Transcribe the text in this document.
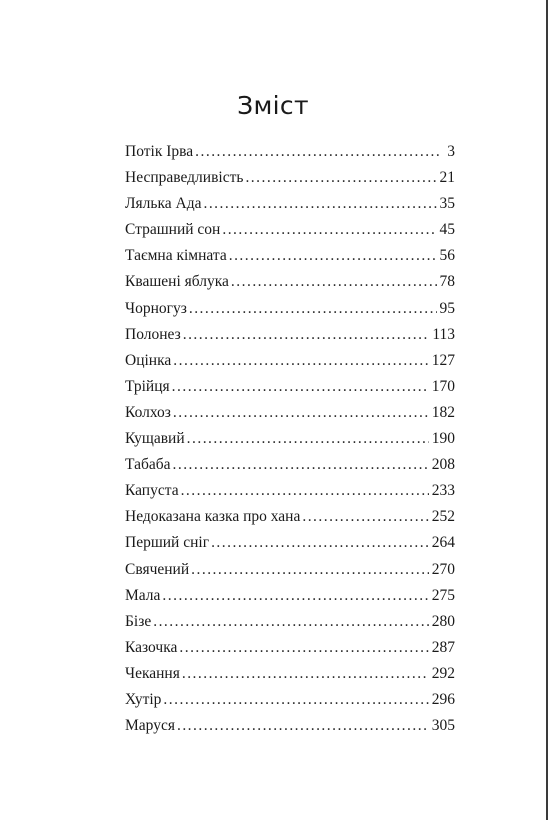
Зміст
Потік Ірва . . .	3
Несправедливість . . .	21
Лялька Ада . . .	35
Страшний сон . . .	45
Таємна кімната . . .	56
Квашені яблука . . .	78
Чорногуз . . .	95
Полонез . . .	113
Оцінка . . .	127
Трійця . . .	170
Колхоз . . .	182
Кущавий . . .	190
Табаба . . .	208
Капуста . . .	233
Недоказана казка про хана . . .	252
Перший сніг . . .	264
Свячений . . .	270
Мала . . .	275
Бізе . . .	280
Казочка . . .	287
Чекання . . .	292
Хутір . . .	296
Маруся . . .	305
